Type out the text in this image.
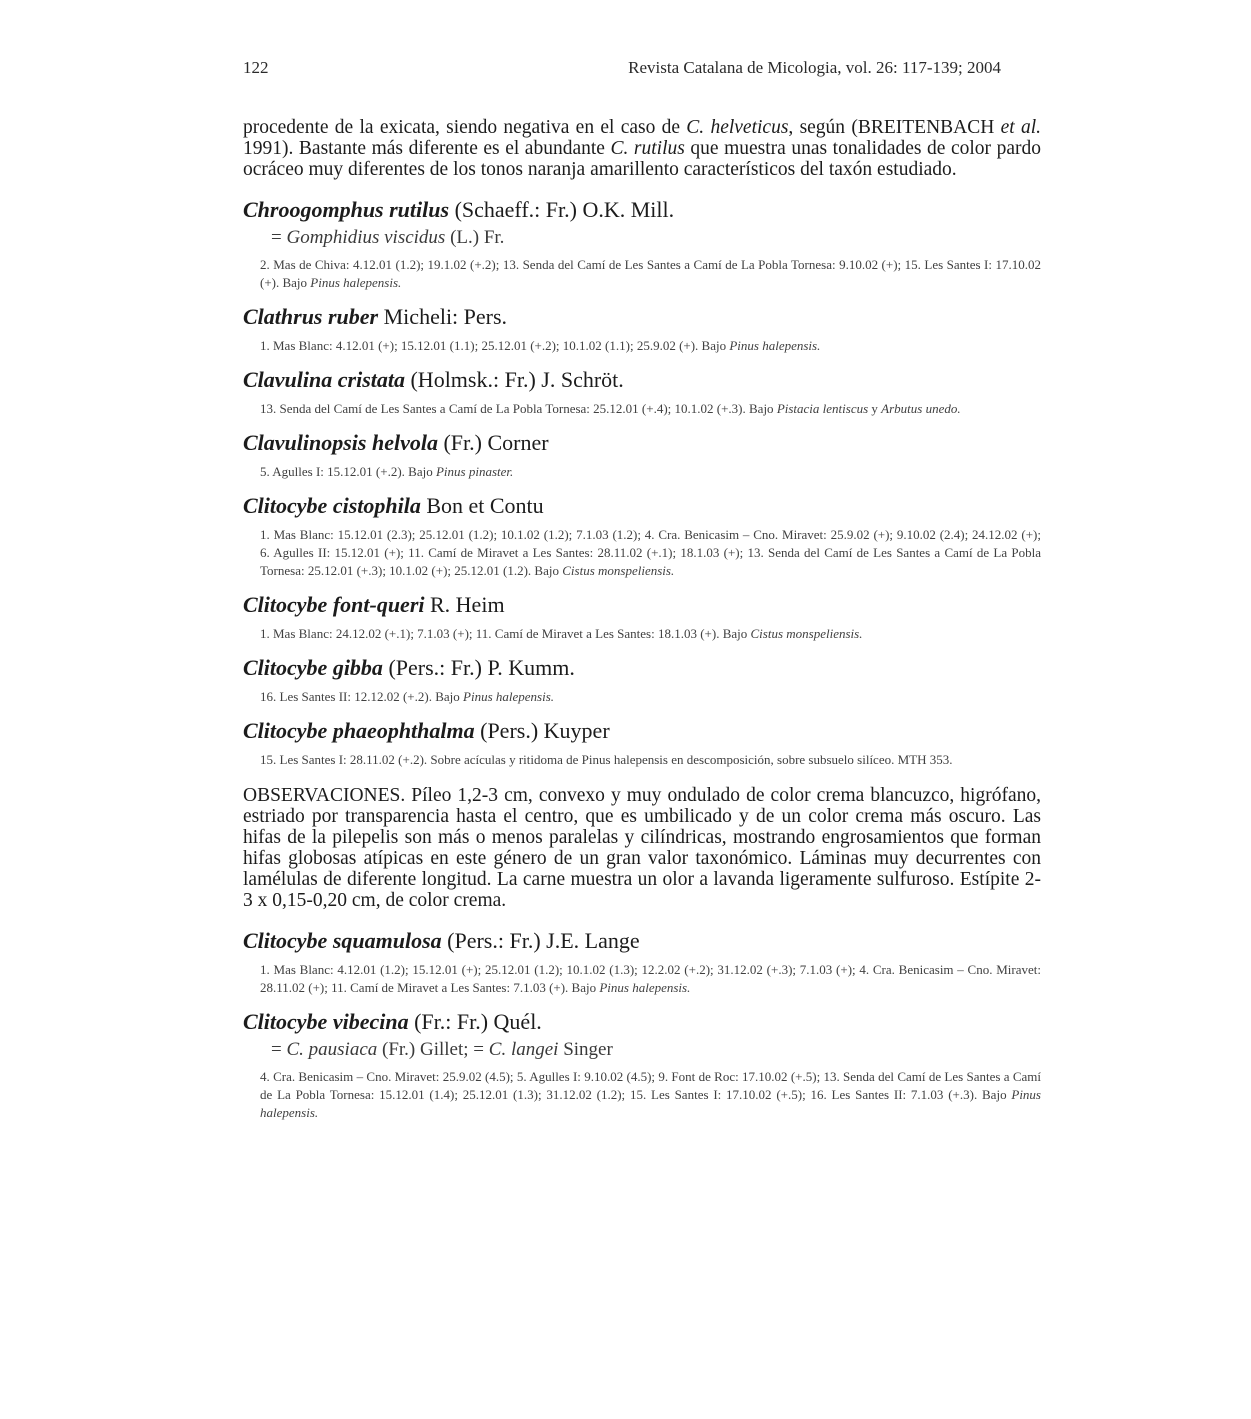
122	Revista Catalana de Micologia, vol. 26: 117-139; 2004

procedente de la exicata, siendo negativa en el caso de C. helveticus, según (BREITENBACH et al. 1991). Bastante más diferente es el abundante C. rutilus que muestra unas tonalidades de color pardo ocráceo muy diferentes de los tonos naranja amarillento característicos del taxón estudiado.

Chroogomphus rutilus (Schaeff.: Fr.) O.K. Mill.
= Gomphidius viscidus (L.) Fr.
2. Mas de Chiva: 4.12.01 (1.2); 19.1.02 (+.2); 13. Senda del Camí de Les Santes a Camí de La Pobla Tornesa: 9.10.02 (+); 15. Les Santes I: 17.10.02 (+). Bajo Pinus halepensis.
Clathrus ruber Micheli: Pers.
1. Mas Blanc: 4.12.01 (+); 15.12.01 (1.1); 25.12.01 (+.2); 10.1.02 (1.1); 25.9.02 (+). Bajo Pinus halepensis.
Clavulina cristata (Holmsk.: Fr.) J. Schröt.
13. Senda del Camí de Les Santes a Camí de La Pobla Tornesa: 25.12.01 (+.4); 10.1.02 (+.3). Bajo Pistacia lentiscus y Arbutus unedo.
Clavulinopsis helvola (Fr.) Corner
5. Agulles I: 15.12.01 (+.2). Bajo Pinus pinaster.
Clitocybe cistophila Bon et Contu
1. Mas Blanc: 15.12.01 (2.3); 25.12.01 (1.2); 10.1.02 (1.2); 7.1.03 (1.2); 4. Cra. Benicasim – Cno. Miravet: 25.9.02 (+); 9.10.02 (2.4); 24.12.02 (+); 6. Agulles II: 15.12.01 (+); 11. Camí de Miravet a Les Santes: 28.11.02 (+.1); 18.1.03 (+); 13. Senda del Camí de Les Santes a Camí de La Pobla Tornesa: 25.12.01 (+.3); 10.1.02 (+); 25.12.01 (1.2). Bajo Cistus monspeliensis.
Clitocybe font-queri R. Heim
1. Mas Blanc: 24.12.02 (+.1); 7.1.03 (+); 11. Camí de Miravet a Les Santes: 18.1.03 (+). Bajo Cistus monspeliensis.
Clitocybe gibba (Pers.: Fr.) P. Kumm.
16. Les Santes II: 12.12.02 (+.2). Bajo Pinus halepensis.
Clitocybe phaeophthalma (Pers.) Kuyper
15. Les Santes I: 28.11.02 (+.2). Sobre acículas y ritidoma de Pinus halepensis en descomposición, sobre subsuelo silíceo. MTH 353.

OBSERVACIONES. Píleo 1,2-3 cm, convexo y muy ondulado de color crema blancuzco, higrófano, estriado por transparencia hasta el centro, que es umbilicado y de un color crema más oscuro. Las hifas de la pilepelis son más o menos paralelas y cilíndricas, mostrando engrosamientos que forman hifas globosas atípicas en este género de un gran valor taxonómico. Láminas muy decurrentes con lamélulas de diferente longitud. La carne muestra un olor a lavanda ligeramente sulfuroso. Estípite 2-3 x 0,15-0,20 cm, de color crema.

Clitocybe squamulosa (Pers.: Fr.) J.E. Lange
1. Mas Blanc: 4.12.01 (1.2); 15.12.01 (+); 25.12.01 (1.2); 10.1.02 (1.3); 12.2.02 (+.2); 31.12.02 (+.3); 7.1.03 (+); 4. Cra. Benicasim – Cno. Miravet: 28.11.02 (+); 11. Camí de Miravet a Les Santes: 7.1.03 (+). Bajo Pinus halepensis.
Clitocybe vibecina (Fr.: Fr.) Quél.
= C. pausiaca (Fr.) Gillet; = C. langei Singer
4. Cra. Benicasim – Cno. Miravet: 25.9.02 (4.5); 5. Agulles I: 9.10.02 (4.5); 9. Font de Roc: 17.10.02 (+.5); 13. Senda del Camí de Les Santes a Camí de La Pobla Tornesa: 15.12.01 (1.4); 25.12.01 (1.3); 31.12.02 (1.2); 15. Les Santes I: 17.10.02 (+.5); 16. Les Santes II: 7.1.03 (+.3). Bajo Pinus halepensis.
